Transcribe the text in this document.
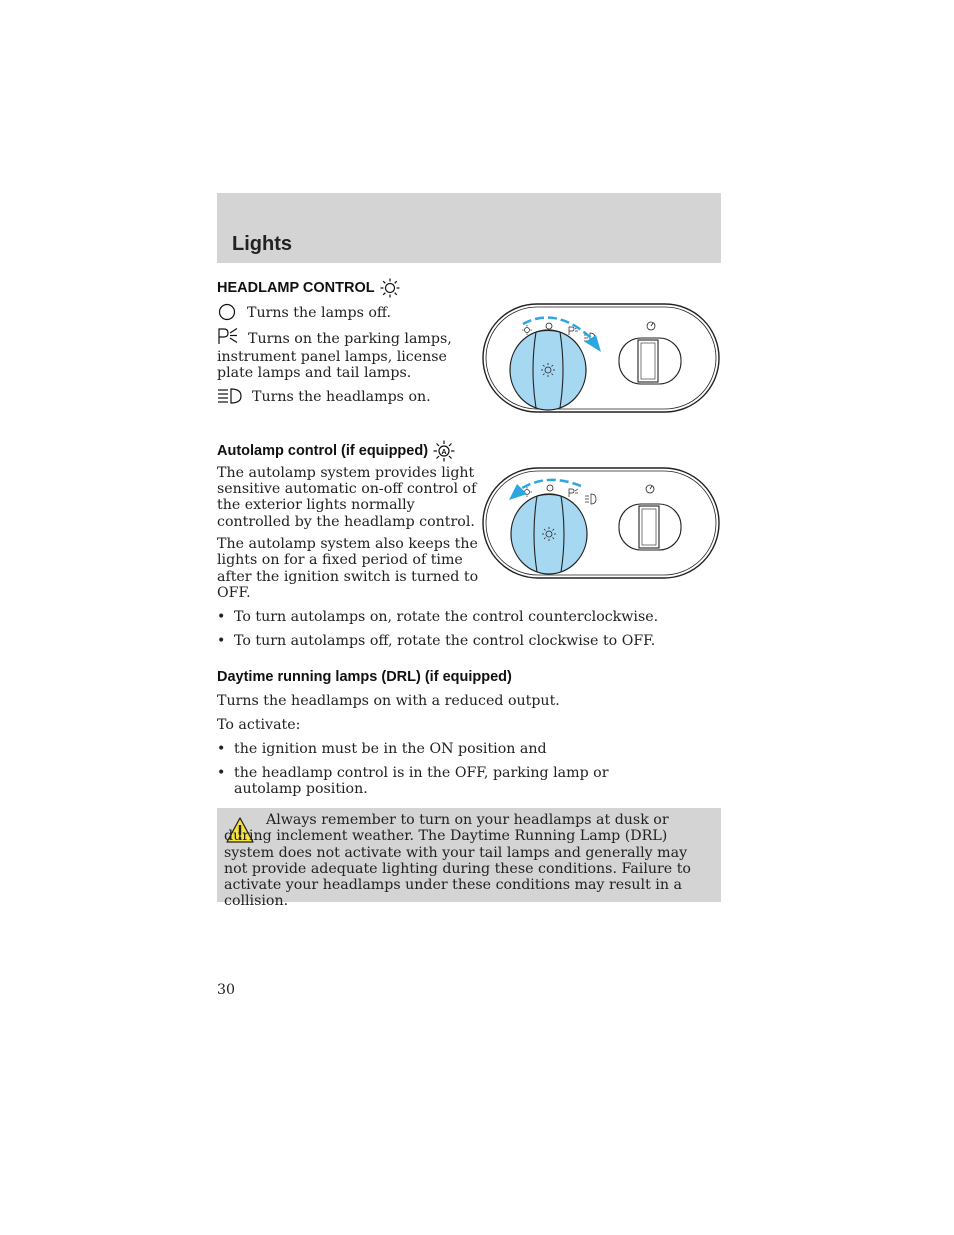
Lights
HEADLAMP CONTROL
Turns the lamps off.
Turns on the parking lamps,
instrument panel lamps, license
plate lamps and tail lamps.
Turns the headlamps on.
Autolamp control (if equipped) A
The autolamp system provides light
sensitive automatic on-off control of
the exterior lights normally
controlled by the headlamp control.
The autolamp system also keeps the
lights on for a fixed period of time
after the ignition switch is turned to
OFF.
• To turn autolamps on, rotate the control counterclockwise.
• To turn autolamps off, rotate the control clockwise to OFF.
Daytime running lamps (DRL) (if equipped)
Turns the headlamps on with a reduced output.
To activate:
• the ignition must be in the ON position and
• the headlamp control is in the OFF, parking lamp or autolamp position.
Always remember to turn on your headlamps at dusk or during inclement weather. The Daytime Running Lamp (DRL) system does not activate with your tail lamps and generally may not provide adequate lighting during these conditions. Failure to activate your headlamps under these conditions may result in a collision.
30
